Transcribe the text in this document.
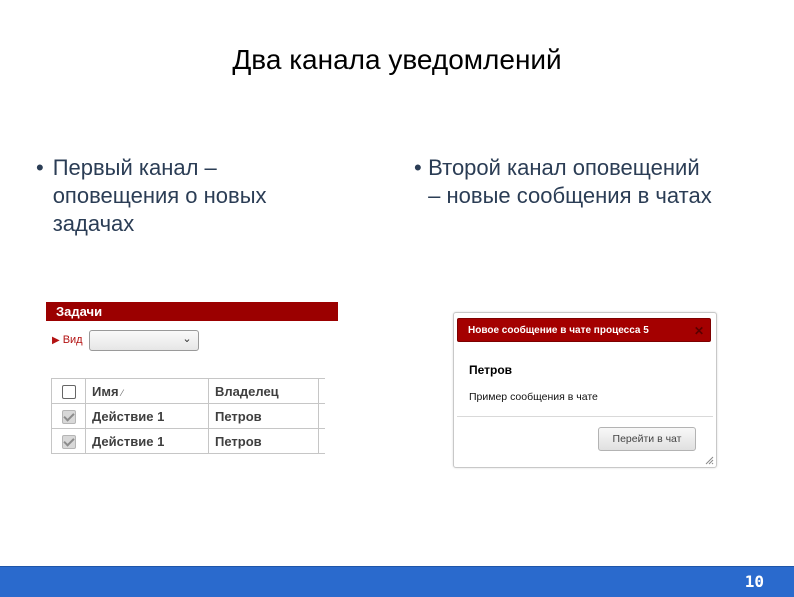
Два канала уведомлений
• Первый канал – оповещения о новых задачах
• Второй канал оповещений – новые сообщения в чатах
Задачи
▶ Вид	⌄
	Имя ⁄	Владелец	
	Действие 1	Петров	
	Действие 1	Петров	
Новое сообщение в чате процесса 5	✕
Петров
Пример сообщения в чате
Перейти в чат
10
